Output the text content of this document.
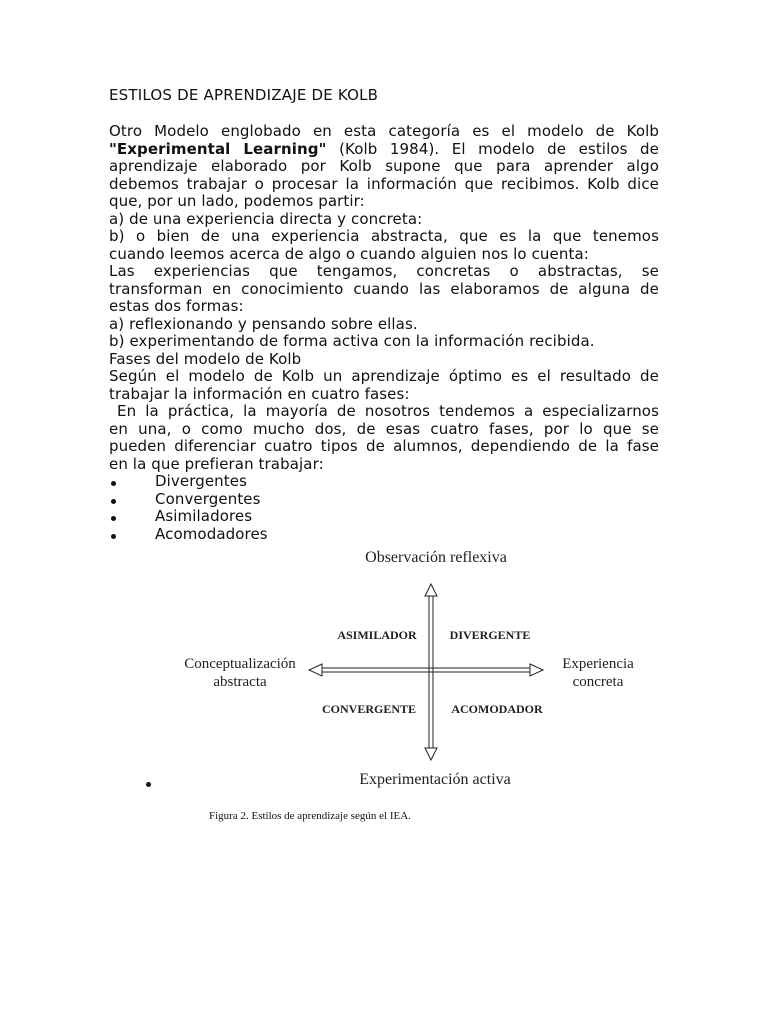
ESTILOS DE APRENDIZAJE DE KOLB
Otro Modelo englobado en esta categoría es el modelo de Kolb
"Experimental Learning" (Kolb 1984). El modelo de estilos de
aprendizaje elaborado por Kolb supone que para aprender algo
debemos trabajar o procesar la información que recibimos. Kolb dice
que, por un lado, podemos partir:
a) de una experiencia directa y concreta:
b) o bien de una experiencia abstracta, que es la que tenemos
cuando leemos acerca de algo o cuando alguien nos lo cuenta:
Las experiencias que tengamos, concretas o abstractas, se
transforman en conocimiento cuando las elaboramos de alguna de
estas dos formas:
a) reflexionando y pensando sobre ellas.
b) experimentando de forma activa con la información recibida.
Fases del modelo de Kolb
Según el modelo de Kolb un aprendizaje óptimo es el resultado de
trabajar la información en cuatro fases:
En la práctica, la mayoría de nosotros tendemos a especializarnos
en una, o como mucho dos, de esas cuatro fases, por lo que se
pueden diferenciar cuatro tipos de alumnos, dependiendo de la fase
en la que prefieran trabajar:
Divergentes
Convergentes
Asimiladores
Acomodadores
Observación reflexiva
Experimentación activa
Conceptualización
abstracta
Experiencia
concreta
ASIMILADOR	DIVERGENTE
CONVERGENTE	ACOMODADOR
Figura 2. Estilos de aprendizaje según el IEA.
